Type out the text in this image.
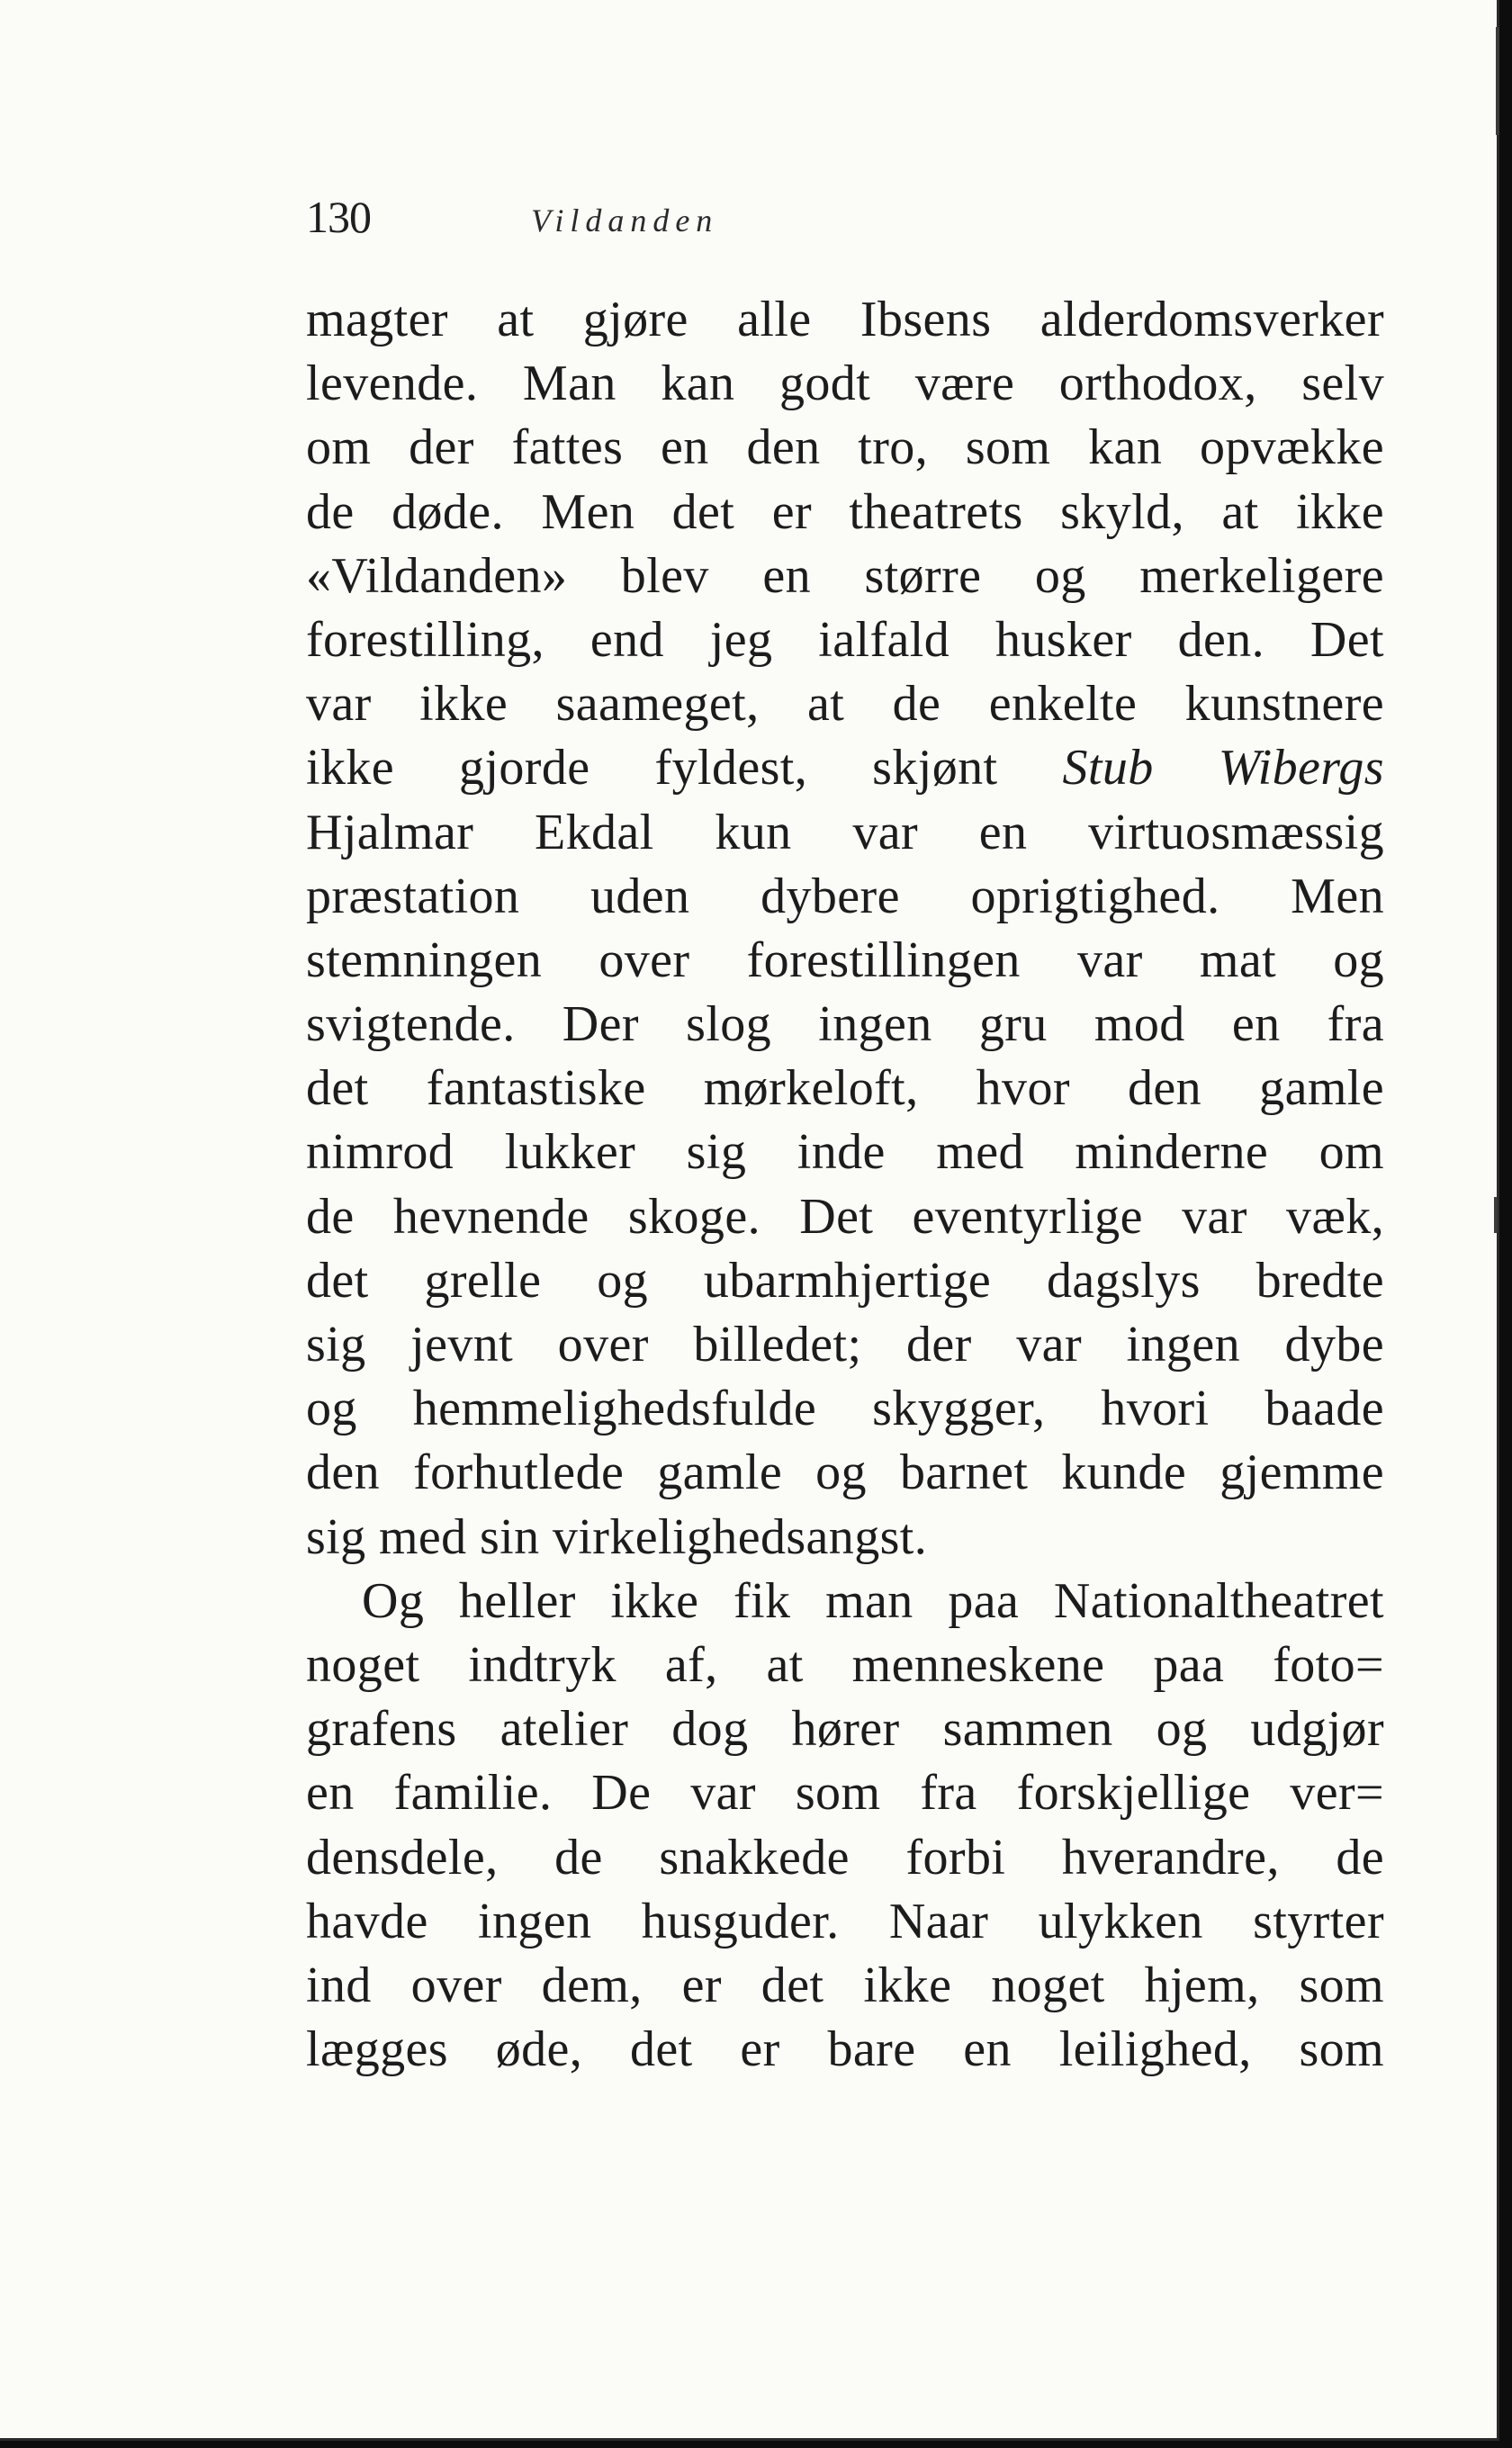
130	Vildanden
magter at gjøre alle Ibsens alderdomsverker
levende. Man kan godt være orthodox, selv
om der fattes en den tro, som kan opvække
de døde. Men det er theatrets skyld, at ikke
«Vildanden» blev en større og merkeligere
forestilling, end jeg ialfald husker den. Det
var ikke saameget, at de enkelte kunstnere
ikke gjorde fyldest, skjønt Stub Wibergs
Hjalmar Ekdal kun var en virtuosmæssig
præstation uden dybere oprigtighed. Men
stemningen over forestillingen var mat og
svigtende. Der slog ingen gru mod en fra
det fantastiske mørkeloft, hvor den gamle
nimrod lukker sig inde med minderne om
de hevnende skoge. Det eventyrlige var væk,
det grelle og ubarmhjertige dagslys bredte
sig jevnt over billedet; der var ingen dybe
og hemmelighedsfulde skygger, hvori baade
den forhutlede gamle og barnet kunde gjemme
sig med sin virkelighedsangst.
Og heller ikke fik man paa Nationaltheatret
noget indtryk af, at menneskene paa foto=
grafens atelier dog hører sammen og udgjør
en familie. De var som fra forskjellige ver=
densdele, de snakkede forbi hverandre, de
havde ingen husguder. Naar ulykken styrter
ind over dem, er det ikke noget hjem, som
lægges øde, det er bare en leilighed, som
